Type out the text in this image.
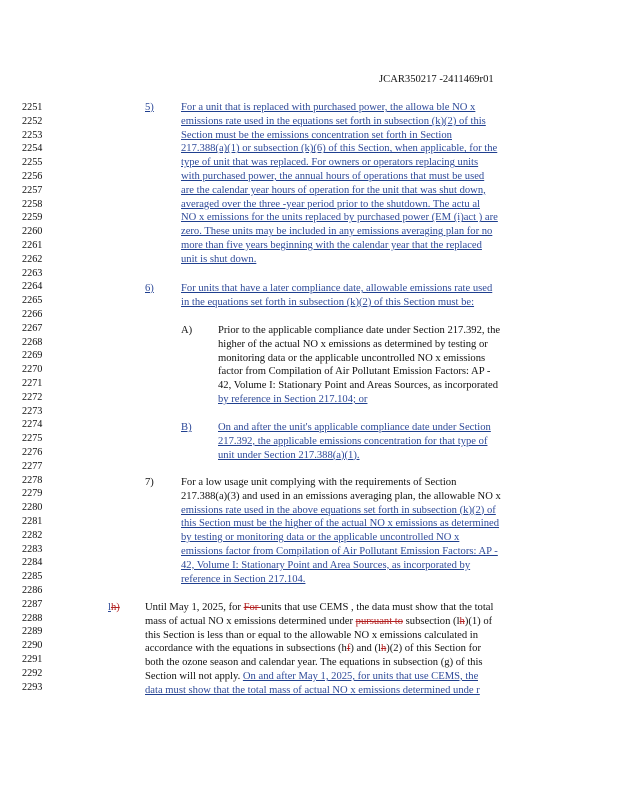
JCAR350217 -2411469r01
2251
2252
2253
2254
2255
2256
2257
2258
2259
2260
2261
2262
2263
2264
2265
2266
2267
2268
2269
2270
2271
2272
2273
2274
2275
2276
2277
2278
2279
2280
2281
2282
2283
2284
2285
2286
2287
2288
2289
2290
2291
2292
2293
5)	For a unit that is replaced with purchased power, the allowa ble NO x
emissions rate used in the equations set forth in subsection (k)(2) of this
Section must be the emissions concentration set forth in Section
217.388(a)(1) or subsection (k)(6) of this Section, when applicable, for the
type of unit that was replaced. For owners or operators replacing units
with purchased power, the annual hours of operations that must be used
are the calendar year hours of operation for the unit that was shut down,
averaged over the three -year period prior to the shutdown. The actu al
NO x emissions for the units replaced by purchased power (EM (i)act ) are
zero. These units may be included in any emissions averaging plan for no
more than five years beginning with the calendar year that the replaced
unit is shut down.
6)	For units that have a later compliance date, allowable emissions rate used
in the equations set forth in subsection (k)(2) of this Section must be:
A) Prior to the applicable compliance date under Section 217.392, the
higher of the actual NO x emissions as determined by testing or
monitoring data or the applicable uncontrolled NO x emissions
factor from Compilation of Air Pollutant Emission Factors: AP -
42, Volume I: Stationary Point and Areas Sources, as incorporated
by reference in Section 217.104; or
B) On and after the unit's applicable compliance date under Section
217.392, the applicable emissions concentration for that type of
unit under Section 217.388(a)(1).
7)	For a low usage unit complying with the requirements of Section
217.388(a)(3) and used in an emissions averaging plan, the allowable NO x
emissions rate used in the above equations set forth in subsection (k)(2) of
this Section must be the higher of the actual NO x emissions as determined
by testing or monitoring data or the applicable uncontrolled NO x
emissions factor from Compilation of Air Pollutant Emission Factors: AP -
42, Volume I: Stationary Point and Area Sources, as incorporated by
reference in Section 217.104.
lh) Until May 1, 2025, for For units that use CEMS , the data must show that the total
mass of actual NO x emissions determined under pursuant to subsection (lh)(1) of
this Section is less than or equal to the allowable NO x emissions calculated in
accordance with the equations in subsections (hf) and (lh)(2) of this Section for
both the ozone season and calendar year. The equations in subsection (g) of this
Section will not apply. On and after May 1, 2025, for units that use CEMS, the
data must show that the total mass of actual NO x emissions determined unde r
